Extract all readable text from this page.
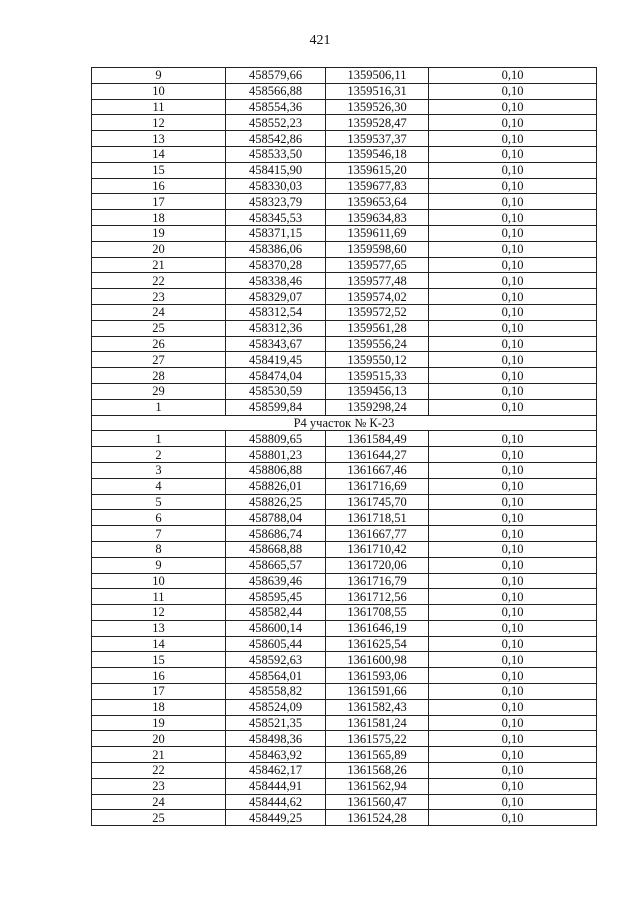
421
9	458579,66	1359506,11	0,10
10	458566,88	1359516,31	0,10
11	458554,36	1359526,30	0,10
12	458552,23	1359528,47	0,10
13	458542,86	1359537,37	0,10
14	458533,50	1359546,18	0,10
15	458415,90	1359615,20	0,10
16	458330,03	1359677,83	0,10
17	458323,79	1359653,64	0,10
18	458345,53	1359634,83	0,10
19	458371,15	1359611,69	0,10
20	458386,06	1359598,60	0,10
21	458370,28	1359577,65	0,10
22	458338,46	1359577,48	0,10
23	458329,07	1359574,02	0,10
24	458312,54	1359572,52	0,10
25	458312,36	1359561,28	0,10
26	458343,67	1359556,24	0,10
27	458419,45	1359550,12	0,10
28	458474,04	1359515,33	0,10
29	458530,59	1359456,13	0,10
1	458599,84	1359298,24	0,10
Р4 участок № К-23			
1	458809,65	1361584,49	0,10
2	458801,23	1361644,27	0,10
3	458806,88	1361667,46	0,10
4	458826,01	1361716,69	0,10
5	458826,25	1361745,70	0,10
6	458788,04	1361718,51	0,10
7	458686,74	1361667,77	0,10
8	458668,88	1361710,42	0,10
9	458665,57	1361720,06	0,10
10	458639,46	1361716,79	0,10
11	458595,45	1361712,56	0,10
12	458582,44	1361708,55	0,10
13	458600,14	1361646,19	0,10
14	458605,44	1361625,54	0,10
15	458592,63	1361600,98	0,10
16	458564,01	1361593,06	0,10
17	458558,82	1361591,66	0,10
18	458524,09	1361582,43	0,10
19	458521,35	1361581,24	0,10
20	458498,36	1361575,22	0,10
21	458463,92	1361565,89	0,10
22	458462,17	1361568,26	0,10
23	458444,91	1361562,94	0,10
24	458444,62	1361560,47	0,10
25	458449,25	1361524,28	0,10
